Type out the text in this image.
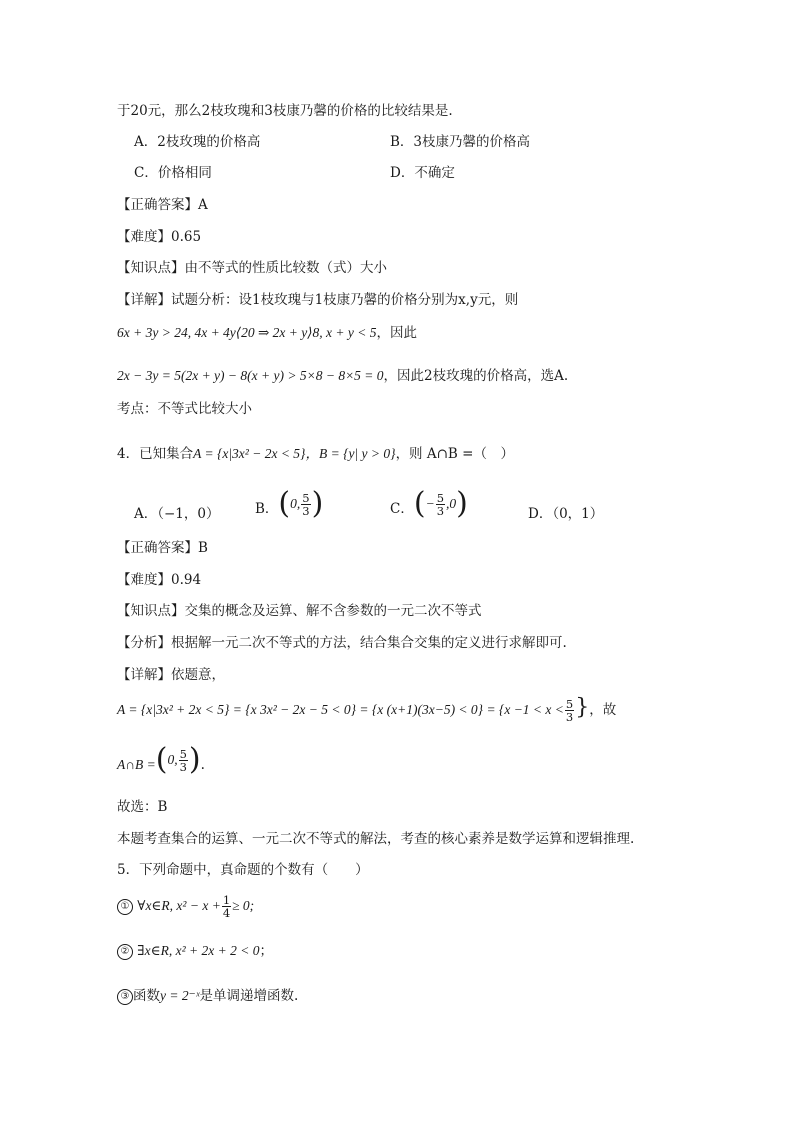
于20元，那么2枝玫瑰和3枝康乃馨的价格的比较结果是.
A．2枝玫瑰的价格高	B．3枝康乃馨的价格高
C．价格相同	D．不确定
【正确答案】A
【难度】0.65
【知识点】由不等式的性质比较数（式）大小
【详解】试题分析：设1枝玫瑰与1枝康乃馨的价格分别为x,y元，则
6x + 3y > 24, 4x + 4y⟨20 ⇒ 2x + y⟩8, x + y < 5，因此
2x − 3y = 5(2x + y) − 8(x + y) > 5×8 − 8×5 = 0，因此2枝玫瑰的价格高，选A.
考点：不等式比较大小
4．已知集合A = {x|3x² − 2x < 5}，B = {y| y > 0}，则 A∩B =（　）
A．（−1，0）	B． ( 0, $\frac{5}{3}$ )	C． ( − $\frac{5}{3} ,0$ )	D．（0，1）
【正确答案】B
【难度】0.94
【知识点】交集的概念及运算、解不含参数的一元二次不等式
【分析】根据解一元二次不等式的方法，结合集合交集的定义进行求解即可.
【详解】依题意，
A = {x|3x² + 2x < 5} = {x 3x² − 2x − 5 < 0} = {x $(x+1)(3x-5) < 0\} = \{x -1 < x < \frac{5}{3}$ }，故
A∩B = ( 0, $\frac{5}{3}$ ) .
故选：B
本题考查集合的运算、一元二次不等式的解法，考查的核心素养是数学运算和逻辑推理.
5．下列命题中，真命题的个数有（　　）
① ∀x∈R, $x^2 - x + \frac{1}{4} \ge 0$;
② ∃x∈R, x² + 2x + 2 < 0；
③ 函数y = 2⁻ˣ是单调递增函数.
